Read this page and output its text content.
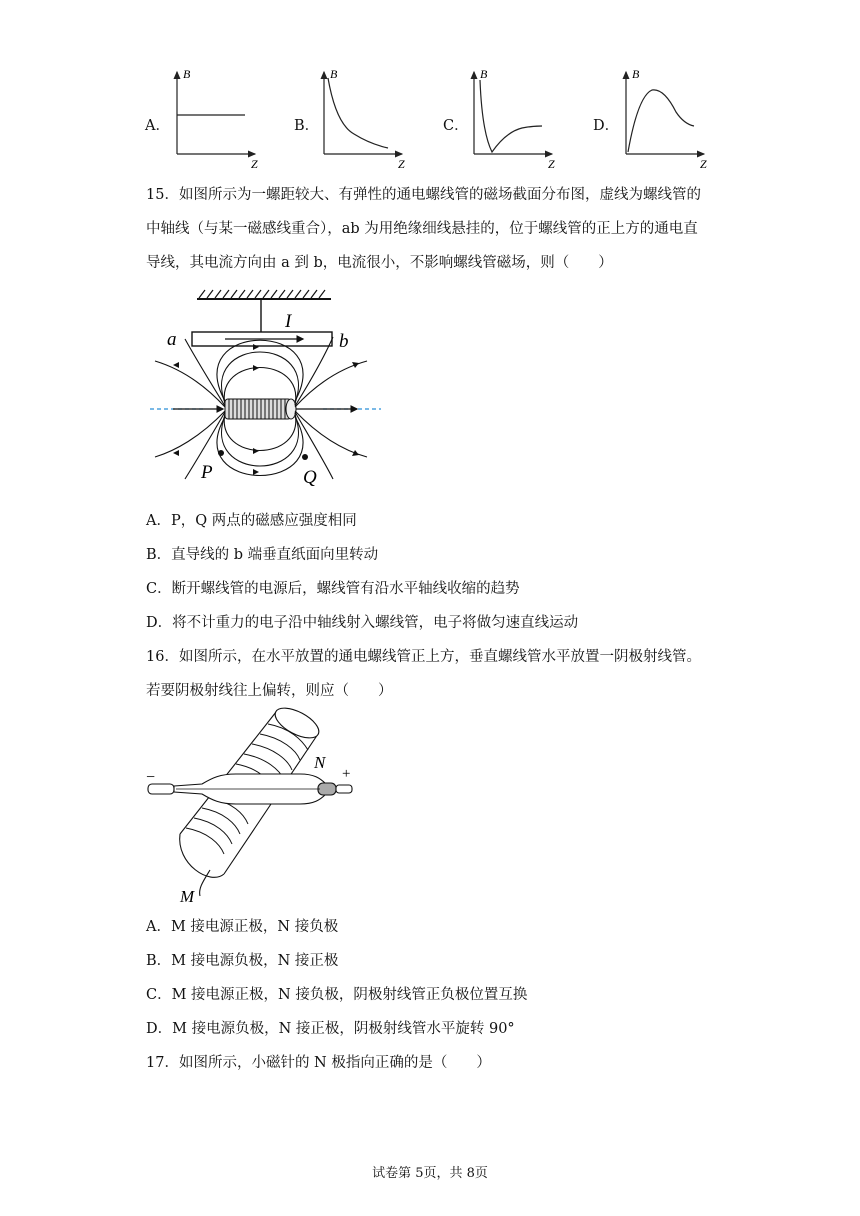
A．
B
Z
B．
B
Z
C．
B
Z
D．
B
Z
15．如图所示为一螺距较大、有弹性的通电螺线管的磁场截面分布图，虚线为螺线管的
中轴线（与某一磁感线重合），ab 为用绝缘细线悬挂的，位于螺线管的正上方的通电直
导线，其电流方向由 a 到 b，电流很小，不影响螺线管磁场，则（　　）
I
a	b
P	Q
A．P，Q 两点的磁感应强度相同
B．直导线的 b 端垂直纸面向里转动
C．断开螺线管的电源后，螺线管有沿水平轴线收缩的趋势
D．将不计重力的电子沿中轴线射入螺线管，电子将做匀速直线运动
16．如图所示，在水平放置的通电螺线管正上方，垂直螺线管水平放置一阴极射线管。
若要阴极射线往上偏转，则应（　　）
−	+
N
M
A．M 接电源正极，N 接负极
B．M 接电源负极，N 接正极
C．M 接电源正极，N 接负极，阴极射线管正负极位置互换
D．M 接电源负极，N 接正极，阴极射线管水平旋转 90°
17．如图所示，小磁针的 N 极指向正确的是（　　）
试卷第 5页，共 8页
